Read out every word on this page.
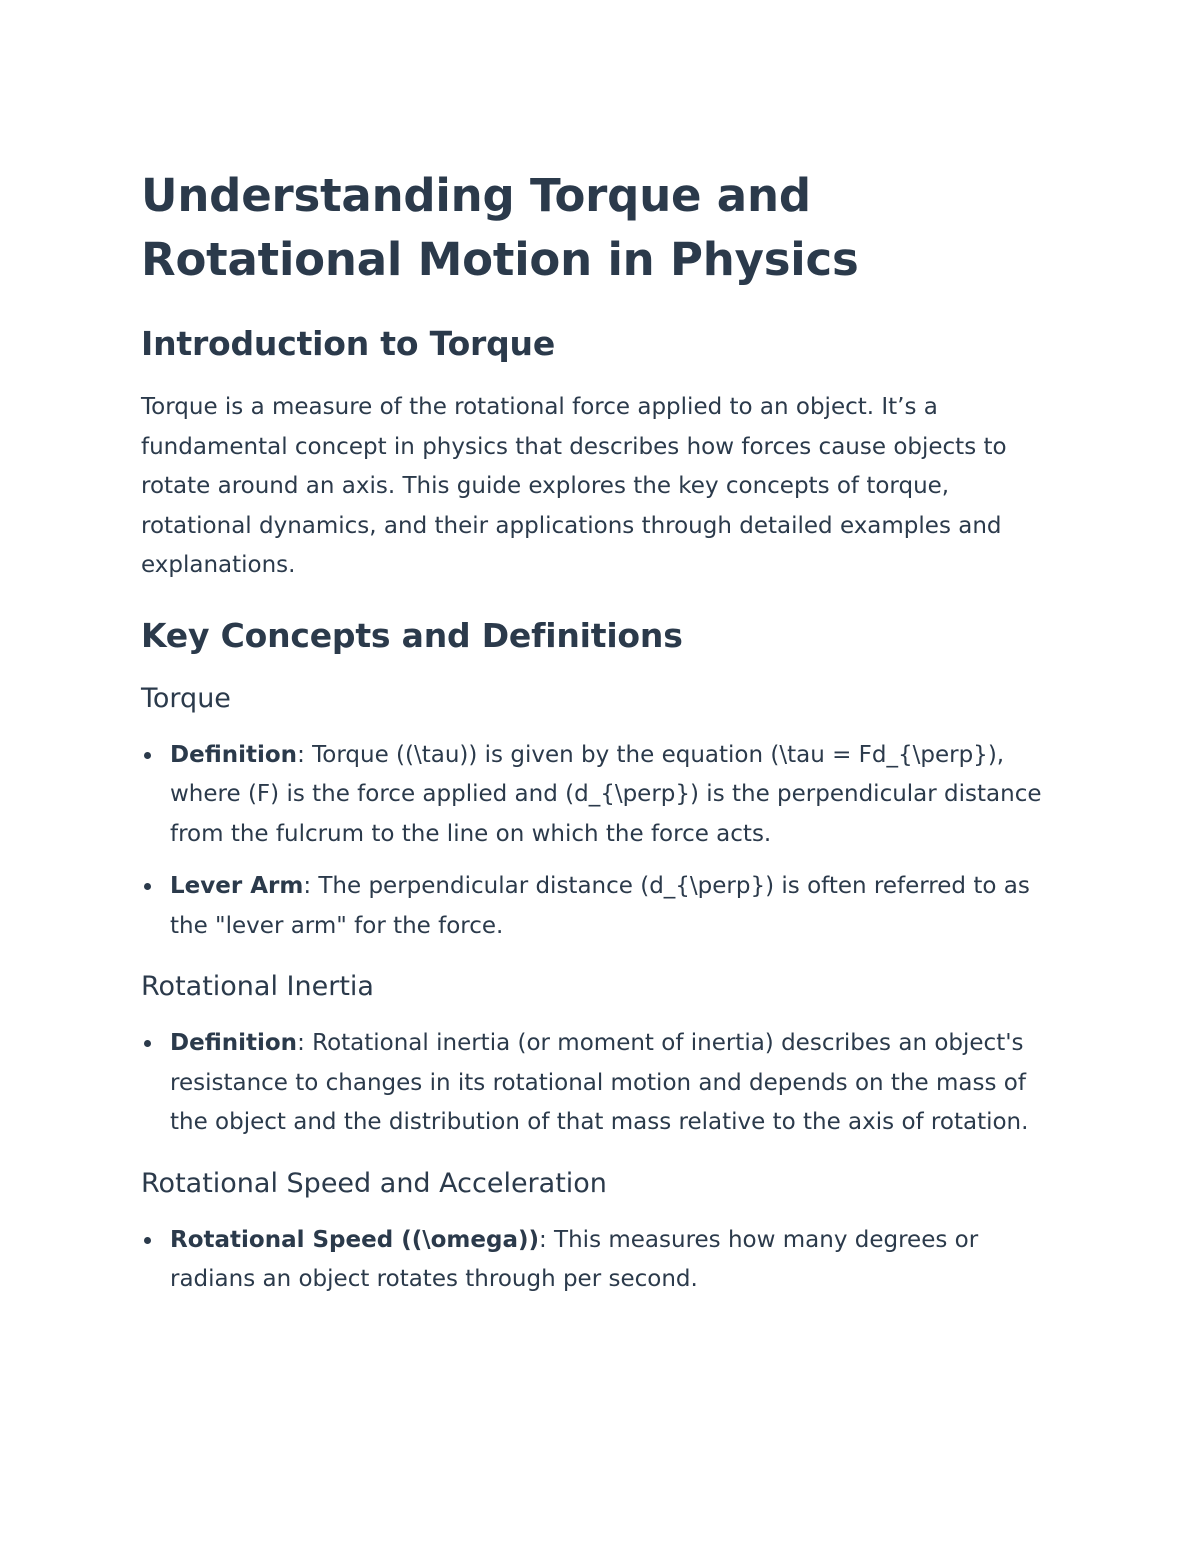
Understanding Torque and Rotational Motion in Physics
Introduction to Torque

Torque is a measure of the rotational force applied to an object. It’s a fundamental concept in physics that describes how forces cause objects to rotate around an axis. This guide explores the key concepts of torque, rotational dynamics, and their applications through detailed examples and explanations.

Key Concepts and Definitions
Torque
Definition: Torque ((\tau)) is given by the equation (\tau = Fd_{\perp}), where (F) is the force applied and (d_{\perp}) is the perpendicular distance from the fulcrum to the line on which the force acts.
Lever Arm: The perpendicular distance (d_{\perp}) is often referred to as the "lever arm" for the force.
Rotational Inertia
Definition: Rotational inertia (or moment of inertia) describes an object's resistance to changes in its rotational motion and depends on the mass of the object and the distribution of that mass relative to the axis of rotation.
Rotational Speed and Acceleration
Rotational Speed ((\omega)): This measures how many degrees or radians an object rotates through per second.
